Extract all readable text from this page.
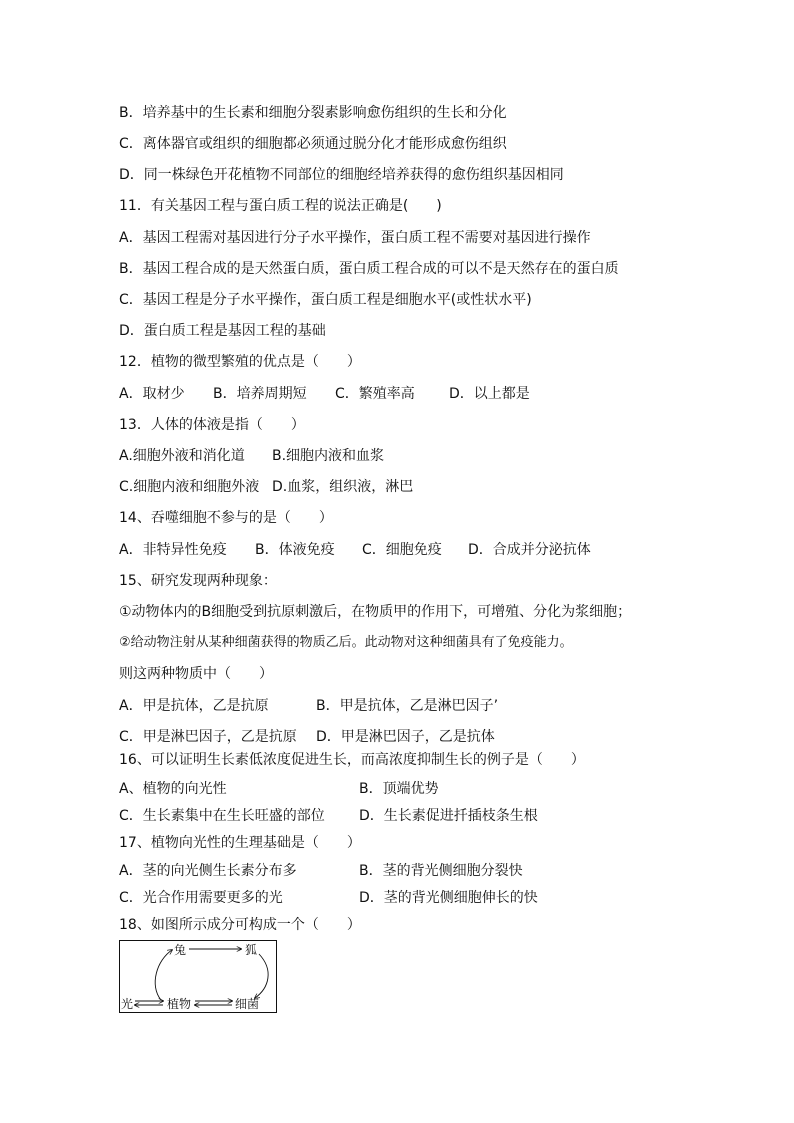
B．培养基中的生长素和细胞分裂素影响愈伤组织的生长和分化
C．离体器官或组织的细胞都必须通过脱分化才能形成愈伤组织
D．同一株绿色开花植物不同部位的细胞经培养获得的愈伤组织基因相同
11．有关基因工程与蛋白质工程的说法正确是(　　)
A．基因工程需对基因进行分子水平操作，蛋白质工程不需要对基因进行操作
B．基因工程合成的是天然蛋白质，蛋白质工程合成的可以不是天然存在的蛋白质
C．基因工程是分子水平操作，蛋白质工程是细胞水平(或性状水平)
D．蛋白质工程是基因工程的基础
12．植物的微型繁殖的优点是（　　）
A．取材少 B．培养周期短 C．繁殖率高 D．以上都是
13．人体的体液是指（　　）
A.细胞外液和消化道 B.细胞内液和血浆
C.细胞内液和细胞外液 D.血浆，组织液，淋巴
14、吞噬细胞不参与的是（　　）
A．非特异性免疫 B．体液免疫 C．细胞免疫 D．合成并分泌抗体
15、研究发现两种现象：
①动物体内的B细胞受到抗原刺激后，在物质甲的作用下，可增殖、分化为浆细胞；
②给动物注射从某种细菌获得的物质乙后。此动物对这种细菌具有了免疫能力。
则这两种物质中（　　）
A．甲是抗体，乙是抗原	B．甲是抗体，乙是淋巴因子’
C．甲是淋巴因子，乙是抗原 D．甲是淋巴因子，乙是抗体
16、可以证明生长素低浓度促进生长，而高浓度抑制生长的例子是（　　）
A、植物的向光性	B．顶端优势
C．生长素集中在生长旺盛的部位 D．生长素促进扦插枝条生根
17、植物向光性的生理基础是（　　）
A．茎的向光侧生长素分布多	B．茎的背光侧细胞分裂快
C．光合作用需要更多的光	D．茎的背光侧细胞伸长的快
18、如图所示成分可构成一个（　　）
兔	狐
光	植物	细菌
